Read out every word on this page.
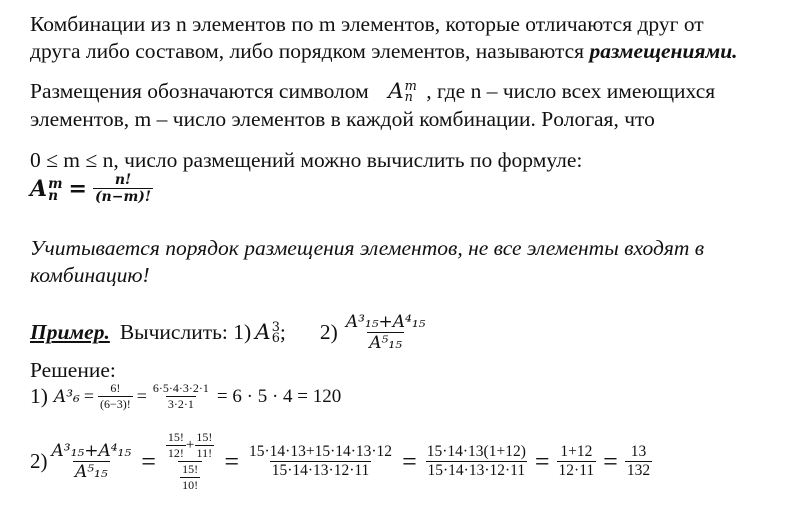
Комбинации из n элементов по m элементов, которые отличаются друг от
друга либо составом, либо порядком элементов, называются размещениями.
Размещения обозначаются символом A m
n , где n – число всех имеющихся
элементов, m – число элементов в каждой комбинации. Pологая, что
0 ≤ m ≤ n, число размещений можно вычислить по формуле:
A m
$n = \frac{n!}{(n-m)!}$
Учитывается порядок размещения элементов, не все элементы входят в
комбинацию!
Пример. Вычислить: 1) A 3
6 ; $2) \frac{\text{A³₁₅+A⁴₁₅}}{\text{A⁵₁₅}}$
Решение:
1) $A^3_6 = \frac{6!}{(6-3)!} = \frac{6\cdot 5\cdot 4\cdot 3\cdot 2\cdot 1}{3\cdot 2\cdot 1} = 6 \cdot 5 \cdot 4 = 120$
$2) \frac{\text{A³₁₅+A⁴₁₅}}{\text{A⁵₁₅}} = 15$!
12! + $\frac{15!}{11!}$
$\frac{15!}{10!} = \frac{15\cdot 14\cdot 13+15\cdot 14\cdot 13\cdot 12}{15\cdot 14\cdot 13\cdot 12\cdot 11} = \frac{15\cdot 14\cdot 13(1+12)}{15\cdot 14\cdot 13\cdot 12\cdot 11} = \frac{1+12}{12\cdot 11} = \frac{13}{132}$
